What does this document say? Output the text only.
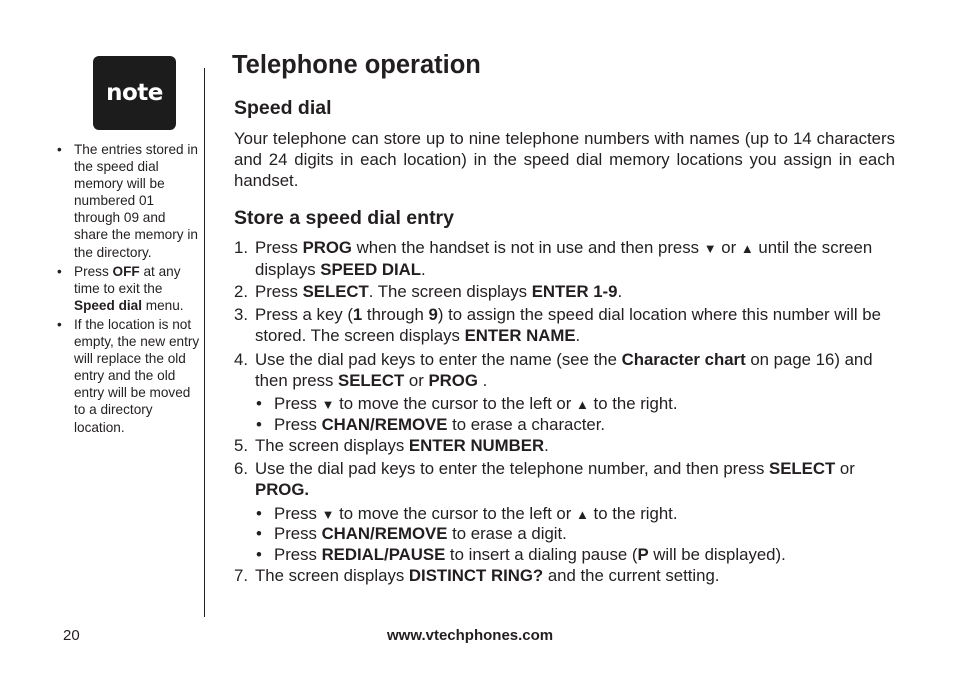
note
• The entries stored in the speed dial memory will be numbered 01 through 09 and share the memory in the directory.
• Press OFF at any time to exit the Speed dial menu.
• If the location is not empty, the new entry will replace the old entry and the old entry will be moved to a directory location.
Telephone operation
Speed dial
Your telephone can store up to nine telephone numbers with names (up to 14 characters and 24 digits in each location) in the speed dial memory locations you assign in each handset.
Store a speed dial entry
1. Press PROG when the handset is not in use and then press ▼ or ▲ until the screen displays SPEED DIAL.
2. Press SELECT. The screen displays ENTER 1-9.
3. Press a key (1 through 9) to assign the speed dial location where this number will be stored. The screen displays ENTER NAME.
4. Use the dial pad keys to enter the name (see the Character chart on page 16) and then press SELECT or PROG .
• Press ▼ to move the cursor to the left or ▲ to the right.
• Press CHAN/REMOVE to erase a character.
5. The screen displays ENTER NUMBER.
6. Use the dial pad keys to enter the telephone number, and then press SELECT or PROG.
• Press ▼ to move the cursor to the left or ▲ to the right.
• Press CHAN/REMOVE to erase a digit.
• Press REDIAL/PAUSE to insert a dialing pause (P will be displayed).
7. The screen displays DISTINCT RING? and the current setting.
20	www.vtechphones.com
